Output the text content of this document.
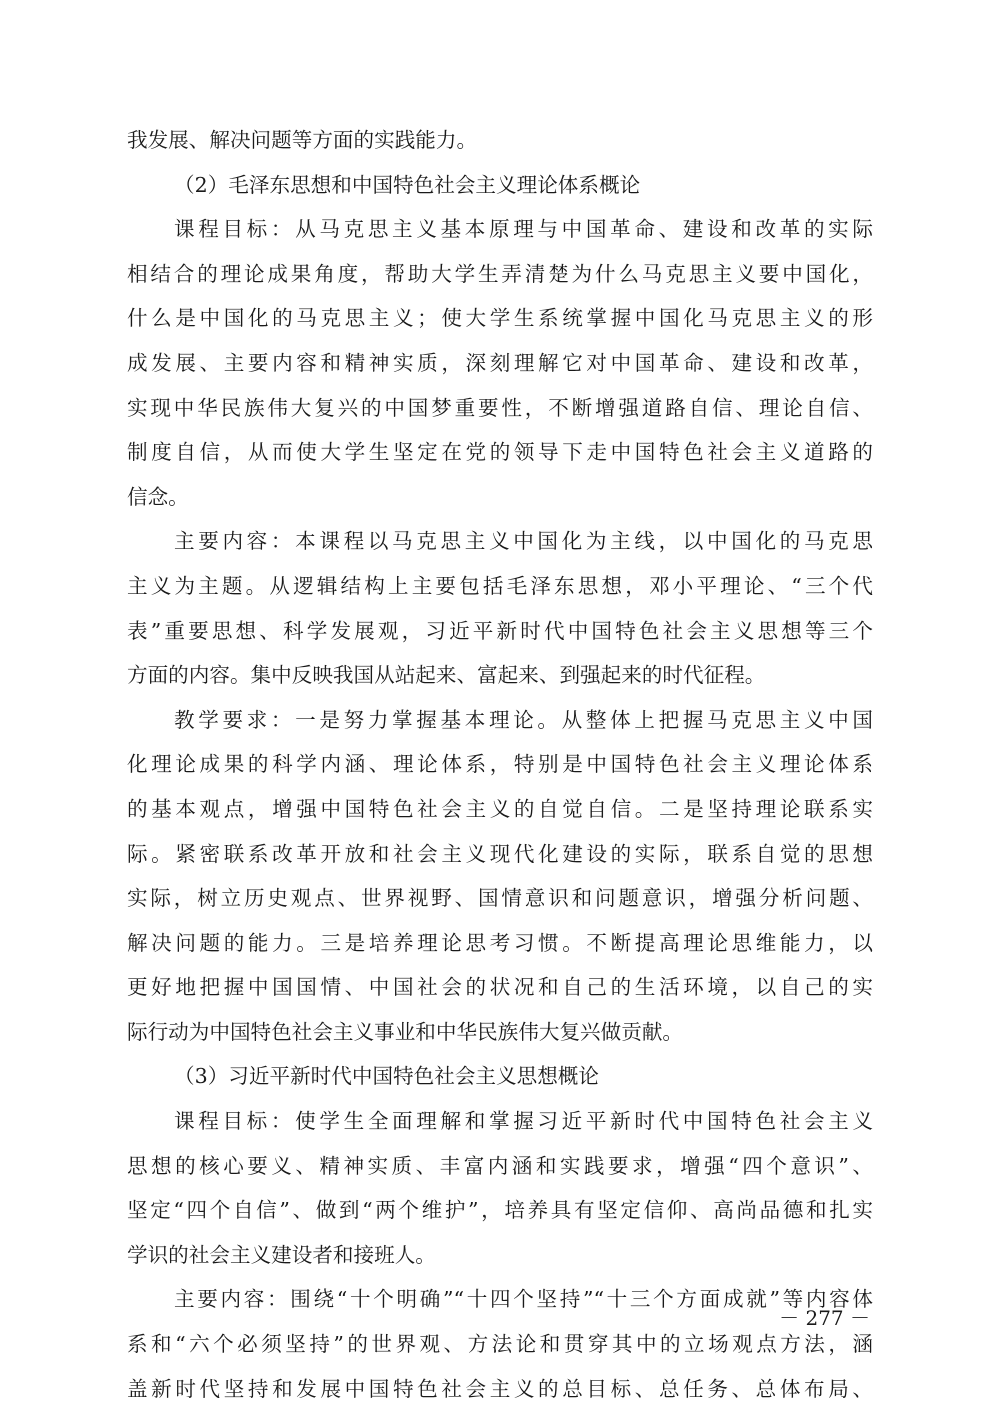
我发展、解决问题等方面的实践能力。
（2）毛泽东思想和中国特色社会主义理论体系概论
课程目标：从马克思主义基本原理与中国革命、建设和改革的实际
相结合的理论成果角度，帮助大学生弄清楚为什么马克思主义要中国化，
什么是中国化的马克思主义；使大学生系统掌握中国化马克思主义的形
成发展、主要内容和精神实质，深刻理解它对中国革命、建设和改革，
实现中华民族伟大复兴的中国梦重要性，不断增强道路自信、理论自信、
制度自信，从而使大学生坚定在党的领导下走中国特色社会主义道路的
信念。
主要内容：本课程以马克思主义中国化为主线，以中国化的马克思
主义为主题。从逻辑结构上主要包括毛泽东思想，邓小平理论、“三个代
表”重要思想、科学发展观，习近平新时代中国特色社会主义思想等三个
方面的内容。集中反映我国从站起来、富起来、到强起来的时代征程。
教学要求：一是努力掌握基本理论。从整体上把握马克思主义中国
化理论成果的科学内涵、理论体系，特别是中国特色社会主义理论体系
的基本观点，增强中国特色社会主义的自觉自信。二是坚持理论联系实
际。紧密联系改革开放和社会主义现代化建设的实际，联系自觉的思想
实际，树立历史观点、世界视野、国情意识和问题意识，增强分析问题、
解决问题的能力。三是培养理论思考习惯。不断提高理论思维能力，以
更好地把握中国国情、中国社会的状况和自己的生活环境，以自己的实
际行动为中国特色社会主义事业和中华民族伟大复兴做贡献。
（3）习近平新时代中国特色社会主义思想概论
课程目标：使学生全面理解和掌握习近平新时代中国特色社会主义
思想的核心要义、精神实质、丰富内涵和实践要求，增强“四个意识”、
坚定“四个自信”、做到“两个维护”，培养具有坚定信仰、高尚品德和扎实
学识的社会主义建设者和接班人。
主要内容：围绕“十个明确”“十四个坚持”“十三个方面成就”等内容体
系和“六个必须坚持”的世界观、方法论和贯穿其中的立场观点方法，涵
盖新时代坚持和发展中国特色社会主义的总目标、总任务、总体布局、
－ 277 －
